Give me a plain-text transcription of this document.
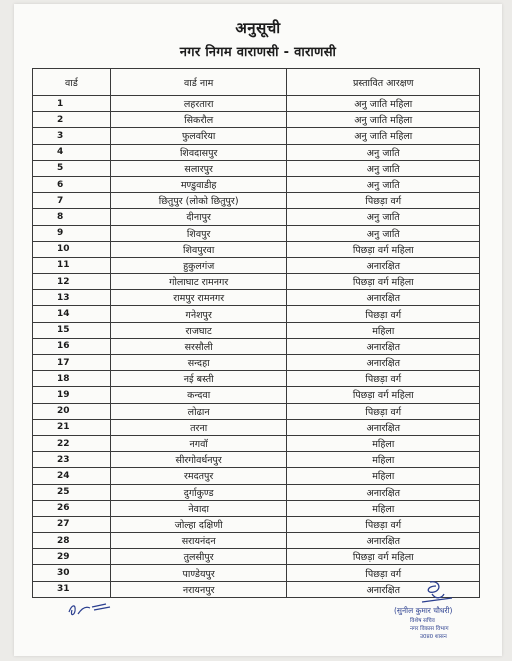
अनुसूची
नगर निगम वाराणसी - वाराणसी
वार्ड	वार्ड नाम	प्रस्तावित आरक्षण
1	लहरतारा	अनु जाति महिला
2	सिकरौल	अनु जाति महिला
3	फुलवरिया	अनु जाति महिला
4	शिवदासपुर	अनु जाति
5	सलारपुर	अनु जाति
6	मण्डुवाडीह	अनु जाति
7	छितुपुर (लोको छितुपुर)	पिछड़ा वर्ग
8	दीनापुर	अनु जाति
9	शिवपुर	अनु जाति
10	शिवपुरवा	पिछड़ा वर्ग महिला
11	हुकुलगंज	अनारक्षित
12	गोलाघाट रामनगर	पिछड़ा वर्ग महिला
13	रामपुर रामनगर	अनारक्षित
14	गनेशपुर	पिछड़ा वर्ग
15	राजघाट	महिला
16	सरसौली	अनारक्षित
17	सन्दहा	अनारक्षित
18	नई बस्ती	पिछड़ा वर्ग
19	कन्दवा	पिछड़ा वर्ग महिला
20	लोढान	पिछड़ा वर्ग
21	तरना	अनारक्षित
22	नगवॉ	महिला
23	सीरगोवर्धनपुर	महिला
24	रमदतपुर	महिला
25	दुर्गाकुण्ड	अनारक्षित
26	नेवादा	महिला
27	जोल्हा दक्षिणी	पिछड़ा वर्ग
28	सरायनंदन	अनारक्षित
29	तुलसीपुर	पिछड़ा वर्ग महिला
30	पाण्डेयपुर	पिछड़ा वर्ग
31	नरायनपुर	अनारक्षित
(सुनील कुमार चौधरी)
विशेष सचिव
नगर विकास विभाग
उ0प्र0 शासन
